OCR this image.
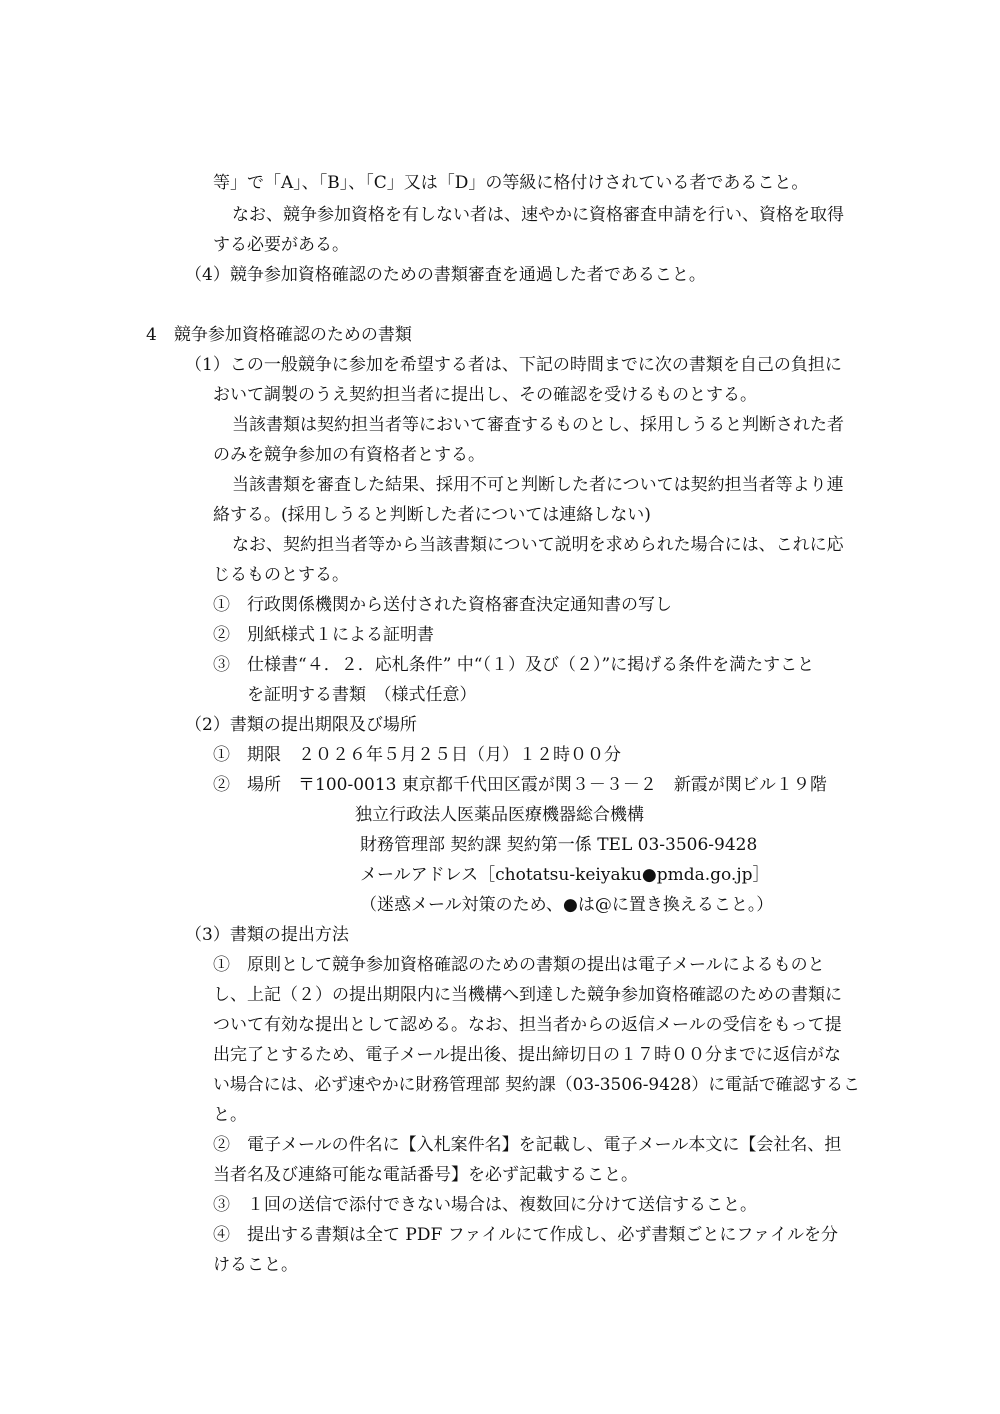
等」で「A」、「B」、「C」又は「D」の等級に格付けされている者であること。
なお、競争参加資格を有しない者は、速やかに資格審査申請を行い、資格を取得
する必要がある。
（4）競争参加資格確認のための書類審査を通過した者であること。
4　競争参加資格確認のための書類
（1）この一般競争に参加を希望する者は、下記の時間までに次の書類を自己の負担に
おいて調製のうえ契約担当者に提出し、その確認を受けるものとする。
当該書類は契約担当者等において審査するものとし、採用しうると判断された者
のみを競争参加の有資格者とする。
当該書類を審査した結果、採用不可と判断した者については契約担当者等より連
絡する。(採用しうると判断した者については連絡しない)
なお、契約担当者等から当該書類について説明を求められた場合には、これに応
じるものとする。
①　行政関係機関から送付された資格審査決定通知書の写し
②　別紙様式１による証明書
③　仕様書“４．２．応札条件” 中“（１）及び（２）”に掲げる条件を満たすこと
を証明する書類　（様式任意）
（2）書類の提出期限及び場所
①　期限　２０２６年５月２５日（月）１２時００分
②　場所　〒100-0013 東京都千代田区霞が関３－３－２　新霞が関ビル１９階
独立行政法人医薬品医療機器総合機構
財務管理部 契約課 契約第一係 TEL 03-3506-9428
メールアドレス［chotatsu-keiyaku●pmda.go.jp］
（迷惑メール対策のため、●は@に置き換えること。）
（3）書類の提出方法
①　原則として競争参加資格確認のための書類の提出は電子メールによるものと
し、上記（２）の提出期限内に当機構へ到達した競争参加資格確認のための書類に
ついて有効な提出として認める。なお、担当者からの返信メールの受信をもって提
出完了とするため、電子メール提出後、提出締切日の１７時００分までに返信がな
い場合には、必ず速やかに財務管理部 契約課（03-3506-9428）に電話で確認するこ
と。
②　電子メールの件名に【入札案件名】を記載し、電子メール本文に【会社名、担
当者名及び連絡可能な電話番号】を必ず記載すること。
③　１回の送信で添付できない場合は、複数回に分けて送信すること。
④　提出する書類は全て PDF ファイルにて作成し、必ず書類ごとにファイルを分
けること。
